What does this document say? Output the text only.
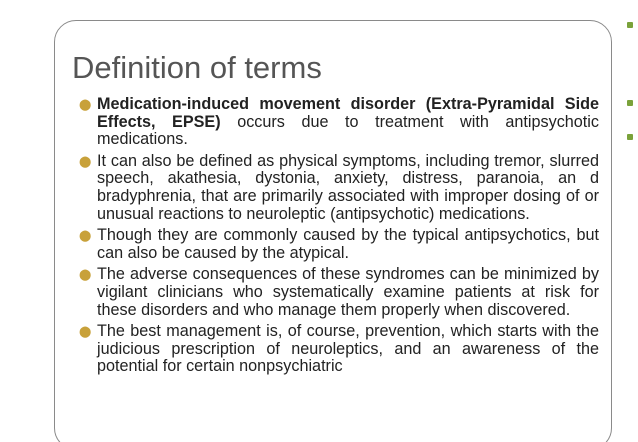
Definition of terms
⬤ Medication-induced movement disorder (Extra-Pyramidal Side Effects, EPSE) occurs due to treatment with antipsychotic medications.
⬤ It can also be defined as physical symptoms, including tremor, slurred speech, akathesia, dystonia, anxiety, distress, paranoia, an d bradyphrenia, that are primarily associated with improper dosing of or unusual reactions to neuroleptic (antipsychotic) medications.
⬤ Though they are commonly caused by the typical antipsychotics, but can also be caused by the atypical.
⬤ The adverse consequences of these syndromes can be minimized by vigilant clinicians who systematically examine patients at risk for these disorders and who manage them properly when discovered.
⬤ The best management is, of course, prevention, which starts with the judicious prescription of neuroleptics, and an awareness of the potential for certain nonpsychiatric
